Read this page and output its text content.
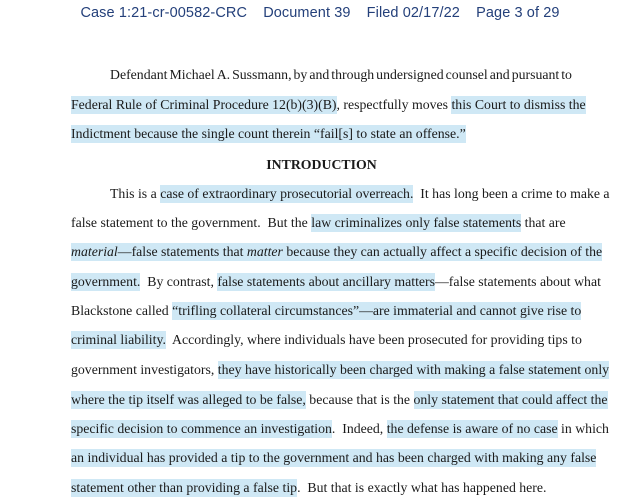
Case 1:21-cr-00582-CRC Document 39 Filed 02/17/22 Page 3 of 29
Defendant Michael A. Sussmann, by and through undersigned counsel and pursuant to
Federal Rule of Criminal Procedure 12(b)(3)(B) , respectfully moves this Court to dismiss the
Indictment because the single count therein “fail[s] to state an offense.”
INTRODUCTION
This is a case of extraordinary prosecutorial overreach. It has long been a crime to make a
false statement to the government.  But the law criminalizes only false statements that are
material —false statements that matter because they can actually affect a specific decision of the
government. By contrast, false statements about ancillary matters —false statements about what
Blackstone called “trifling collateral circumstances”—are immaterial and cannot give rise to
criminal liability. Accordingly, where individuals have been prosecuted for providing tips to
government investigators, they have historically been charged with making a false statement only
where the tip itself was alleged to be false, because that is the only statement that could affect the
specific decision to commence an investigation .  Indeed, the defense is aware of no case in which
an individual has provided a tip to the government and has been charged with making any false
statement other than providing a false tip .  But that is exactly what has happened here.
